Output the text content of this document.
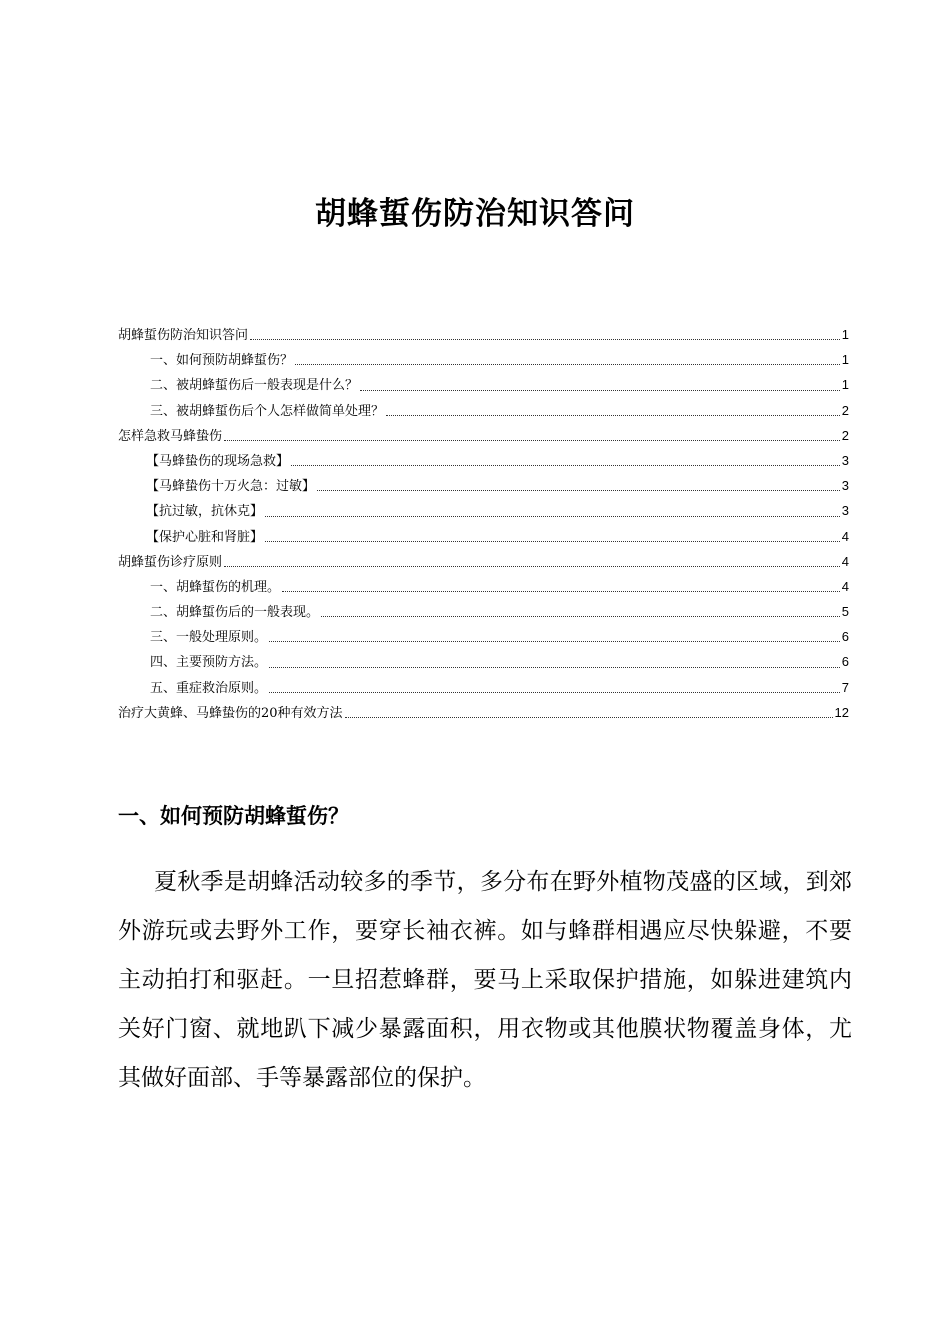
胡蜂蜇伤防治知识答问
胡蜂蜇伤防治知识答问	1
一、如何预防胡蜂蜇伤？	1
二、被胡蜂蜇伤后一般表现是什么？	1
三、被胡蜂蜇伤后个人怎样做简单处理？	2
怎样急救马蜂蛰伤	2
【马蜂蛰伤的现场急救】	3
【马蜂蛰伤十万火急：过敏】	3
【抗过敏，抗休克】	3
【保护心脏和肾脏】	4
胡蜂蜇伤诊疗原则	4
一、胡蜂蜇伤的机理。	4
二、胡蜂蜇伤后的一般表现。	5
三、一般处理原则。	6
四、主要预防方法。	6
五、重症救治原则。	7
治疗大黄蜂、马蜂蛰伤的20种有效方法	12
一、如何预防胡蜂蜇伤？
夏秋季是胡蜂活动较多的季节，多分布在野外植物茂盛的区域，到郊外游玩或去野外工作，要穿长袖衣裤。如与蜂群相遇应尽快躲避，不要主动拍打和驱赶。一旦招惹蜂群，要马上采取保护措施，如躲进建筑内关好门窗、就地趴下减少暴露面积，用衣物或其他膜状物覆盖身体，尤其做好面部、手等暴露部位的保护。
